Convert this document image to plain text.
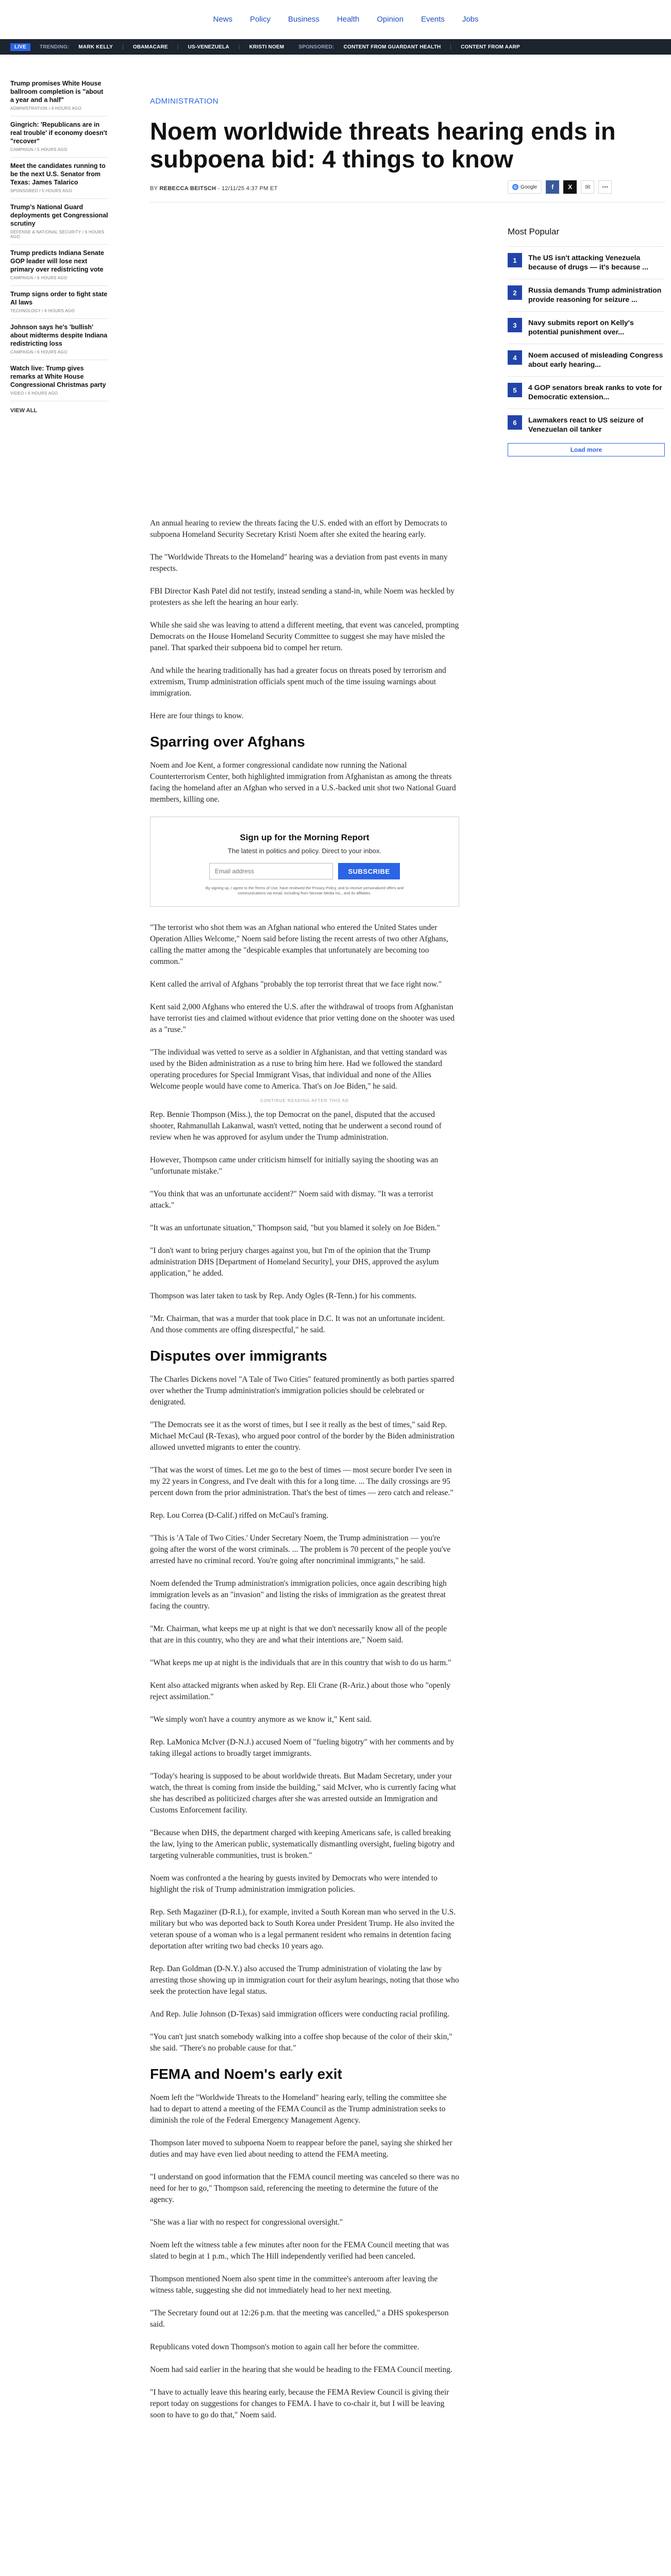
News Policy Business Health Opinion Events Jobs
LIVE	TRENDING: MARK KELLY | OBAMACARE | US-VENEZUELA | KRISTI NOEM	SPONSORED: CONTENT FROM GUARDANT HEALTH | CONTENT FROM AARP
Trump promises White House ballroom completion is "about a year and a half"
ADMINISTRATION / 4 HOURS AGO
Gingrich: 'Republicans are in real trouble' if economy doesn't "recover"
CAMPAIGN / 5 HOURS AGO
Meet the candidates running to be the next U.S. Senator from Texas: James Talarico
SPONSORED / 5 HOURS AGO
Trump's National Guard deployments get Congressional scrutiny
DEFENSE & NATIONAL SECURITY / 6 HOURS AGO
Trump predicts Indiana Senate GOP leader will lose next primary over redistricting vote
CAMPAIGN / 6 HOURS AGO
Trump signs order to fight state AI laws
TECHNOLOGY / 6 HOURS AGO
Johnson says he's 'bullish' about midterms despite Indiana redistricting loss
CAMPAIGN / 6 HOURS AGO
Watch live: Trump gives remarks at White House Congressional Christmas party
VIDEO / 6 HOURS AGO
VIEW ALL
ADMINISTRATION
Noem worldwide threats hearing ends in subpoena bid: 4 things to know
BY REBECCA BEITSCH - 12/11/25 4:37 PM ET	G Google	f	X	✉	⋯
Most Popular
1	The US isn't attacking Venezuela because of drugs — it's because ...
2	Russia demands Trump administration provide reasoning for seizure ...
3	Navy submits report on Kelly's potential punishment over...
4	Noem accused of misleading Congress about early hearing...
5	4 GOP senators break ranks to vote for Democratic extension...
6	Lawmakers react to US seizure of Venezuelan oil tanker
Load more

An annual hearing to review the threats facing the U.S. ended with an effort by Democrats to subpoena Homeland Security Secretary Kristi Noem after she exited the hearing early.

The "Worldwide Threats to the Homeland" hearing was a deviation from past events in many respects.

FBI Director Kash Patel did not testify, instead sending a stand-in, while Noem was heckled by protesters as she left the hearing an hour early.

While she said she was leaving to attend a different meeting, that event was canceled, prompting Democrats on the House Homeland Security Committee to suggest she may have misled the panel. That sparked their subpoena bid to compel her return.

And while the hearing traditionally has had a greater focus on threats posed by terrorism and extremism, Trump administration officials spent much of the time issuing warnings about immigration.

Here are four things to know.

Sparring over Afghans

Noem and Joe Kent, a former congressional candidate now running the National Counterterrorism Center, both highlighted immigration from Afghanistan as among the threats facing the homeland after an Afghan who served in a U.S.-backed unit shot two National Guard members, killing one.

Sign up for the Morning Report
The latest in politics and policy. Direct to your inbox.
Email address
SUBSCRIBE
By signing up, I agree to the Terms of Use, have reviewed the Privacy Policy, and to receive personalized offers and communications via email, including from Nexstar Media Inc., and its affiliates.

"The terrorist who shot them was an Afghan national who entered the United States under Operation Allies Welcome," Noem said before listing the recent arrests of two other Afghans, calling the matter among the "despicable examples that unfortunately are becoming too common."

Kent called the arrival of Afghans "probably the top terrorist threat that we face right now."

Kent said 2,000 Afghans who entered the U.S. after the withdrawal of troops from Afghanistan have terrorist ties and claimed without evidence that prior vetting done on the shooter was used as a "ruse."

"The individual was vetted to serve as a soldier in Afghanistan, and that vetting standard was used by the Biden administration as a ruse to bring him here. Had we followed the standard operating procedures for Special Immigrant Visas, that individual and none of the Allies Welcome people would have come to America. That's on Joe Biden," he said.

CONTINUE READING AFTER THIS AD

Rep. Bennie Thompson (Miss.), the top Democrat on the panel, disputed that the accused shooter, Rahmanullah Lakanwal, wasn't vetted, noting that he underwent a second round of review when he was approved for asylum under the Trump administration.

However, Thompson came under criticism himself for initially saying the shooting was an "unfortunate mistake."

"You think that was an unfortunate accident?" Noem said with dismay. "It was a terrorist attack."

"It was an unfortunate situation," Thompson said, "but you blamed it solely on Joe Biden."

"I don't want to bring perjury charges against you, but I'm of the opinion that the Trump administration DHS [Department of Homeland Security], your DHS, approved the asylum application," he added.

Thompson was later taken to task by Rep. Andy Ogles (R-Tenn.) for his comments.

"Mr. Chairman, that was a murder that took place in D.C. It was not an unfortunate incident. And those comments are offing disrespectful," he said.

Disputes over immigrants

The Charles Dickens novel "A Tale of Two Cities" featured prominently as both parties sparred over whether the Trump administration's immigration policies should be celebrated or denigrated.

"The Democrats see it as the worst of times, but I see it really as the best of times," said Rep. Michael McCaul (R-Texas), who argued poor control of the border by the Biden administration allowed unvetted migrants to enter the country.

"That was the worst of times. Let me go to the best of times — most secure border I've seen in my 22 years in Congress, and I've dealt with this for a long time. ... The daily crossings are 95 percent down from the prior administration. That's the best of times — zero catch and release."

Rep. Lou Correa (D-Calif.) riffed on McCaul's framing.

"This is 'A Tale of Two Cities.' Under Secretary Noem, the Trump administration — you're going after the worst of the worst criminals. ... The problem is 70 percent of the people you've arrested have no criminal record. You're going after noncriminal immigrants," he said.

Noem defended the Trump administration's immigration policies, once again describing high immigration levels as an "invasion" and listing the risks of immigration as the greatest threat facing the country.

"Mr. Chairman, what keeps me up at night is that we don't necessarily know all of the people that are in this country, who they are and what their intentions are," Noem said.

"What keeps me up at night is the individuals that are in this country that wish to do us harm."

Kent also attacked migrants when asked by Rep. Eli Crane (R-Ariz.) about those who "openly reject assimilation."

"We simply won't have a country anymore as we know it," Kent said.

Rep. LaMonica McIver (D-N.J.) accused Noem of "fueling bigotry" with her comments and by taking illegal actions to broadly target immigrants.

"Today's hearing is supposed to be about worldwide threats. But Madam Secretary, under your watch, the threat is coming from inside the building," said McIver, who is currently facing what she has described as politicized charges after she was arrested outside an Immigration and Customs Enforcement facility.

"Because when DHS, the department charged with keeping Americans safe, is called breaking the law, lying to the American public, systematically dismantling oversight, fueling bigotry and targeting vulnerable communities, trust is broken."

Noem was confronted a the hearing by guests invited by Democrats who were intended to highlight the risk of Trump administration immigration policies.

Rep. Seth Magaziner (D-R.I.), for example, invited a South Korean man who served in the U.S. military but who was deported back to South Korea under President Trump. He also invited the veteran spouse of a woman who is a legal permanent resident who remains in detention facing deportation after writing two bad checks 10 years ago.

Rep. Dan Goldman (D-N.Y.) also accused the Trump administration of violating the law by arresting those showing up in immigration court for their asylum hearings, noting that those who seek the protection have legal status.

And Rep. Julie Johnson (D-Texas) said immigration officers were conducting racial profiling.

"You can't just snatch somebody walking into a coffee shop because of the color of their skin," she said. "There's no probable cause for that."

FEMA and Noem's early exit

Noem left the "Worldwide Threats to the Homeland" hearing early, telling the committee she had to depart to attend a meeting of the FEMA Council as the Trump administration seeks to diminish the role of the Federal Emergency Management Agency.

Thompson later moved to subpoena Noem to reappear before the panel, saying she shirked her duties and may have even lied about needing to attend the FEMA meeting.

"I understand on good information that the FEMA council meeting was canceled so there was no need for her to go," Thompson said, referencing the meeting to determine the future of the agency.

"She was a liar with no respect for congressional oversight."

Noem left the witness table a few minutes after noon for the FEMA Council meeting that was slated to begin at 1 p.m., which The Hill independently verified had been canceled.

Thompson mentioned Noem also spent time in the committee's anteroom after leaving the witness table, suggesting she did not immediately head to her next meeting.

"The Secretary found out at 12:26 p.m. that the meeting was cancelled," a DHS spokesperson said.

Republicans voted down Thompson's motion to again call her before the committee.

Noem had said earlier in the hearing that she would be heading to the FEMA Council meeting.

"I have to actually leave this hearing early, because the FEMA Review Council is giving their report today on suggestions for changes to FEMA. I have to co-chair it, but I will be leaving soon to have to go do that," Noem said.
